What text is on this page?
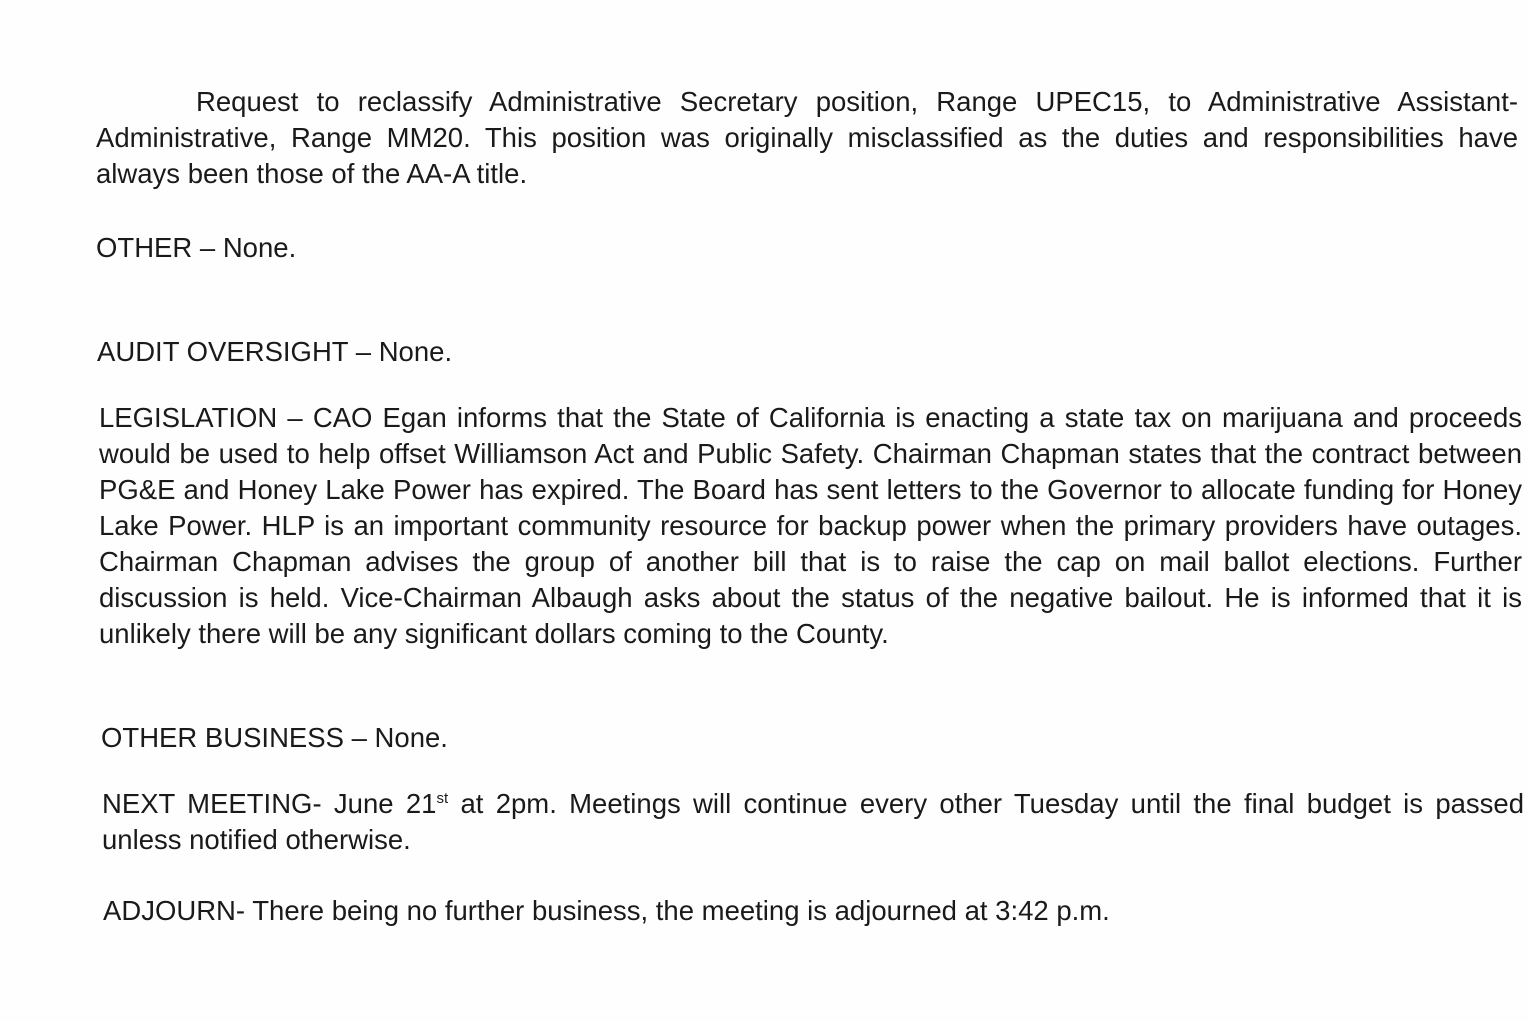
Request to reclassify Administrative Secretary position, Range UPEC15, to Administrative Assistant-Administrative, Range MM20. This position was originally misclassified as the duties and responsibilities have always been those of the AA-A title.

OTHER – None.

AUDIT OVERSIGHT – None.

LEGISLATION – CAO Egan informs that the State of California is enacting a state tax on marijuana and proceeds would be used to help offset Williamson Act and Public Safety. Chairman Chapman states that the contract between PG&E and Honey Lake Power has expired. The Board has sent letters to the Governor to allocate funding for Honey Lake Power. HLP is an important community resource for backup power when the primary providers have outages. Chairman Chapman advises the group of another bill that is to raise the cap on mail ballot elections. Further discussion is held. Vice-Chairman Albaugh asks about the status of the negative bailout. He is informed that it is unlikely there will be any significant dollars coming to the County.

OTHER BUSINESS – None.

NEXT MEETING- June 21st at 2pm. Meetings will continue every other Tuesday until the final budget is passed unless notified otherwise.

ADJOURN- There being no further business, the meeting is adjourned at 3:42 p.m.
